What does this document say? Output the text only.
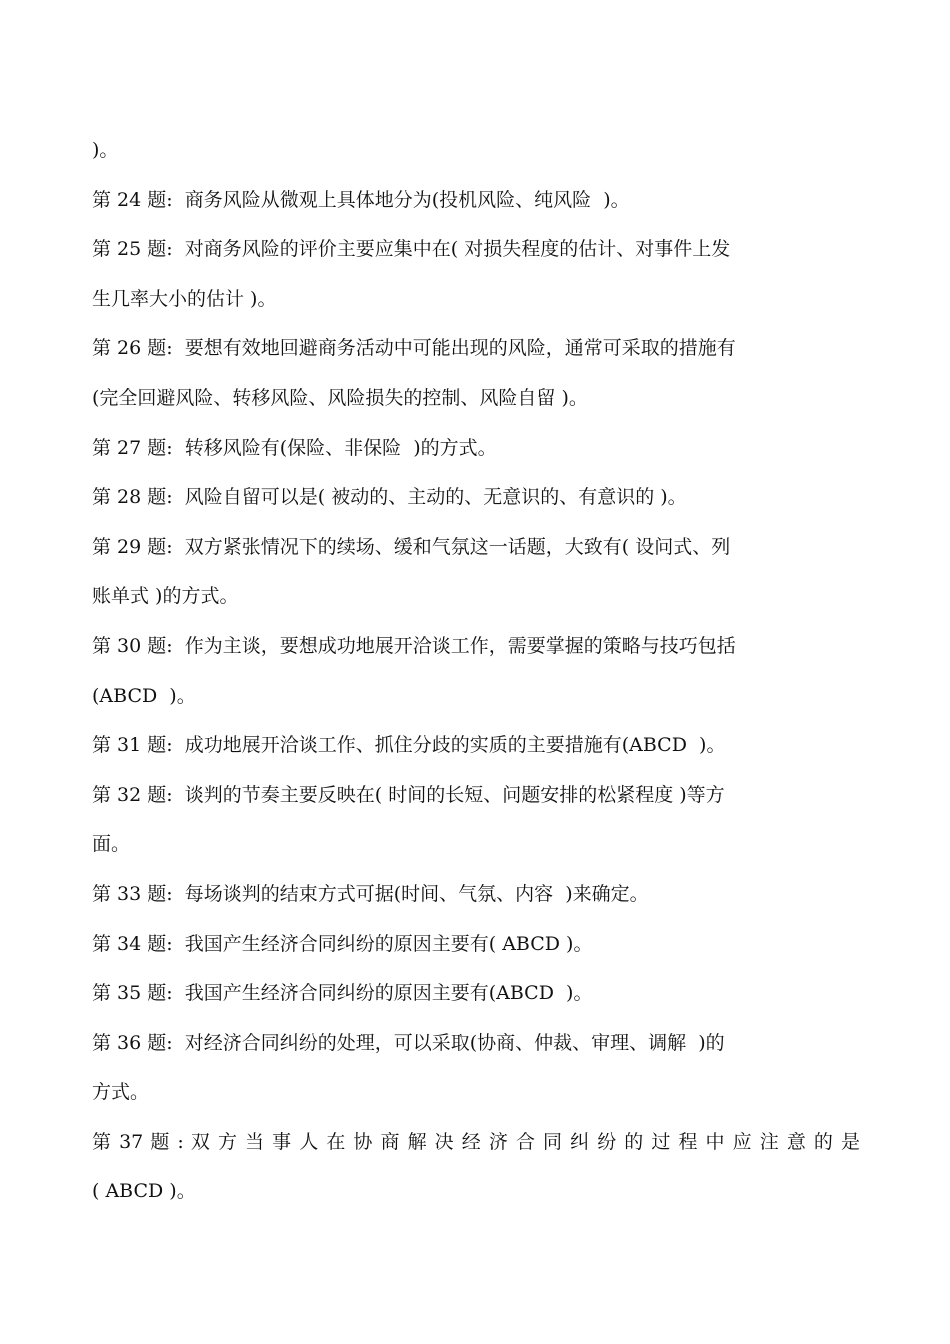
)。
第 24 题:  商务风险从微观上具体地分为(投机风险、纯风险  )。
第 25 题:  对商务风险的评价主要应集中在( 对损失程度的估计、对事件上发
生几率大小的估计 )。
第 26 题:  要想有效地回避商务活动中可能出现的风险，通常可采取的措施有
(完全回避风险、转移风险、风险损失的控制、风险自留 )。
第 27 题:  转移风险有(保险、非保险  )的方式。
第 28 题:  风险自留可以是( 被动的、主动的、无意识的、有意识的 )。
第 29 题:  双方紧张情况下的续场、缓和气氛这一话题，大致有( 设问式、列
账单式 )的方式。
第 30 题:  作为主谈，要想成功地展开洽谈工作，需要掌握的策略与技巧包括
(ABCD  )。
第 31 题:  成功地展开洽谈工作、抓住分歧的实质的主要措施有(ABCD  )。
第 32 题:  谈判的节奏主要反映在( 时间的长短、问题安排的松紧程度 )等方
面。
第 33 题:  每场谈判的结束方式可据(时间、气氛、内容  )来确定。
第 34 题:  我国产生经济合同纠纷的原因主要有( ABCD )。
第 35 题:  我国产生经济合同纠纷的原因主要有(ABCD  )。
第 36 题:  对经济合同纠纷的处理，可以采取(协商、仲裁、审理、调解  )的
方式。
第 37 题 : 双 方 当 事 人 在 协 商 解 决 经 济 合 同 纠 纷 的 过 程 中 应 注 意 的 是
( ABCD )。
